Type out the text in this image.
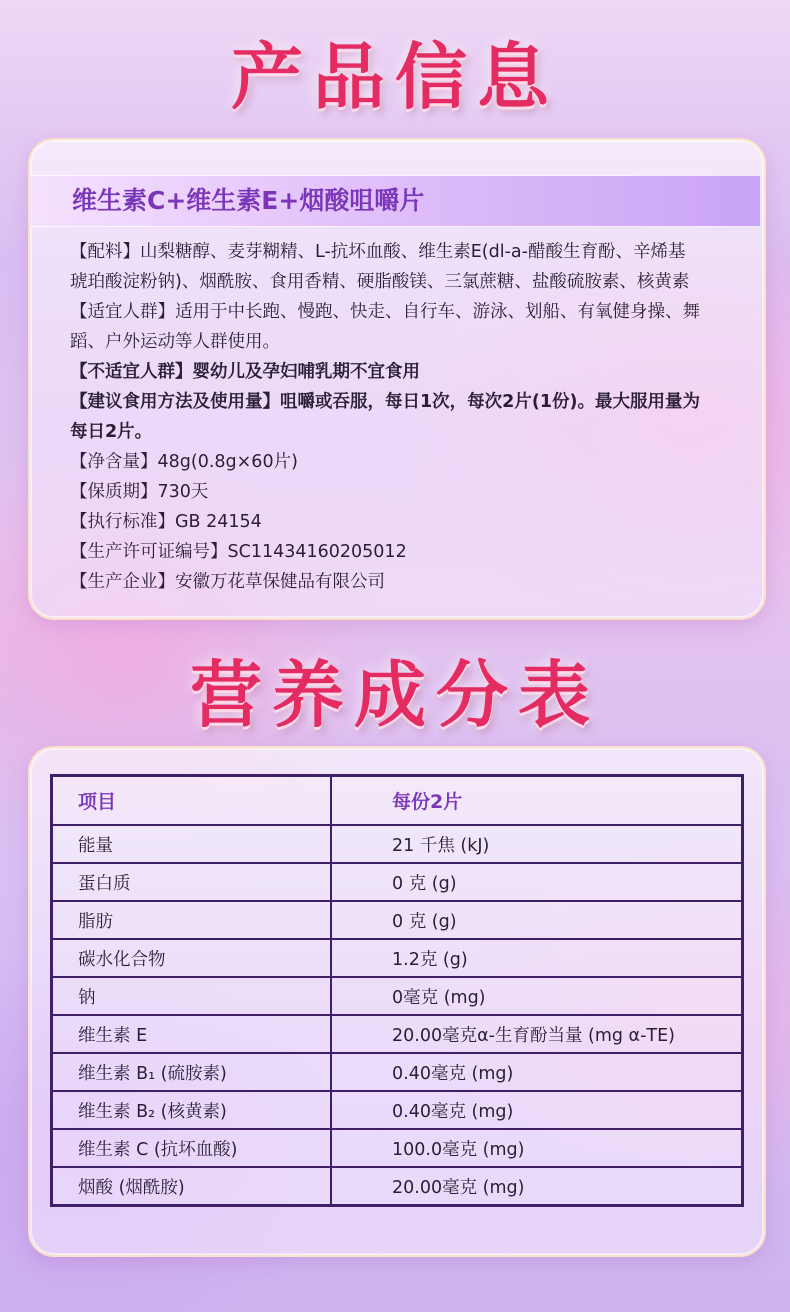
产品信息
维生素C+维生素E+烟酸咀嚼片
【配料】山梨糖醇、麦芽糊精、L-抗坏血酸、维生素E(dl-a-醋酸生育酚、辛烯基
琥珀酸淀粉钠)、烟酰胺、食用香精、硬脂酸镁、三氯蔗糖、盐酸硫胺素、核黄素
【适宜人群】适用于中长跑、慢跑、快走、自行车、游泳、划船、有氧健身操、舞
蹈、户外运动等人群使用。
【不适宜人群】婴幼儿及孕妇哺乳期不宜食用
【建议食用方法及使用量】咀嚼或吞服，每日1次，每次2片(1份)。最大服用量为
每日2片。
【净含量】48g(0.8g×60片)
【保质期】730天
【执行标准】GB 24154
【生产许可证编号】SC11434160205012
【生产企业】安徽万花草保健品有限公司
营养成分表
项目	每份2片
能量	21 千焦 (kJ)
蛋白质	0 克 (g)
脂肪	0 克 (g)
碳水化合物	1.2克 (g)
钠	0毫克 (mg)
维生素 E	20.00毫克α-生育酚当量 (mg α-TE)
维生素 B₁ (硫胺素)	0.40毫克 (mg)
维生素 B₂ (核黄素)	0.40毫克 (mg)
维生素 C (抗坏血酸)	100.0毫克 (mg)
烟酸 (烟酰胺)	20.00毫克 (mg)
